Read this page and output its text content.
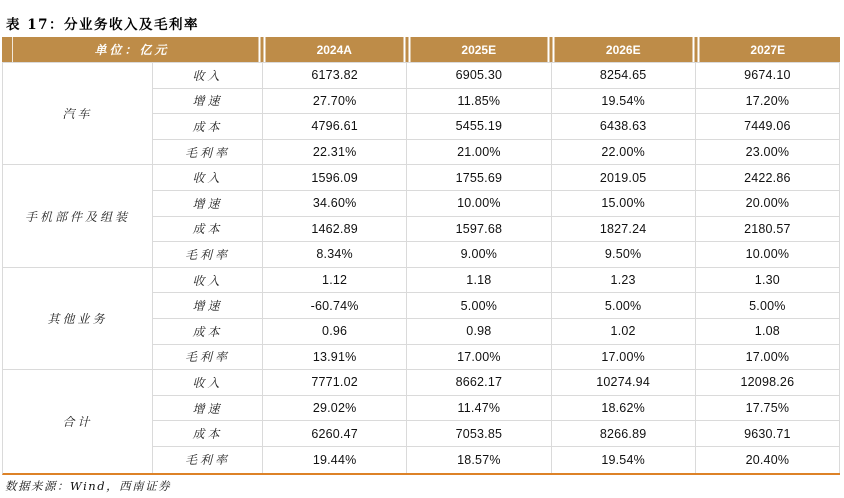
表 17：分业务收入及毛利率
单位：亿元	2024A	2025E	2026E	2027E
汽车
收入	6173.82	6905.30	8254.65	9674.10
增速	27.70%	11.85%	19.54%	17.20%
成本	4796.61	5455.19	6438.63	7449.06
毛利率	22.31%	21.00%	22.00%	23.00%
手机部件及组装
收入	1596.09	1755.69	2019.05	2422.86
增速	34.60%	10.00%	15.00%	20.00%
成本	1462.89	1597.68	1827.24	2180.57
毛利率	8.34%	9.00%	9.50%	10.00%
其他业务
收入	1.12	1.18	1.23	1.30
增速	-60.74%	5.00%	5.00%	5.00%
成本	0.96	0.98	1.02	1.08
毛利率	13.91%	17.00%	17.00%	17.00%
合计
收入	7771.02	8662.17	10274.94	12098.26
增速	29.02%	11.47%	18.62%	17.75%
成本	6260.47	7053.85	8266.89	9630.71
毛利率	19.44%	18.57%	19.54%	20.40%
数据来源：Wind，西南证券
